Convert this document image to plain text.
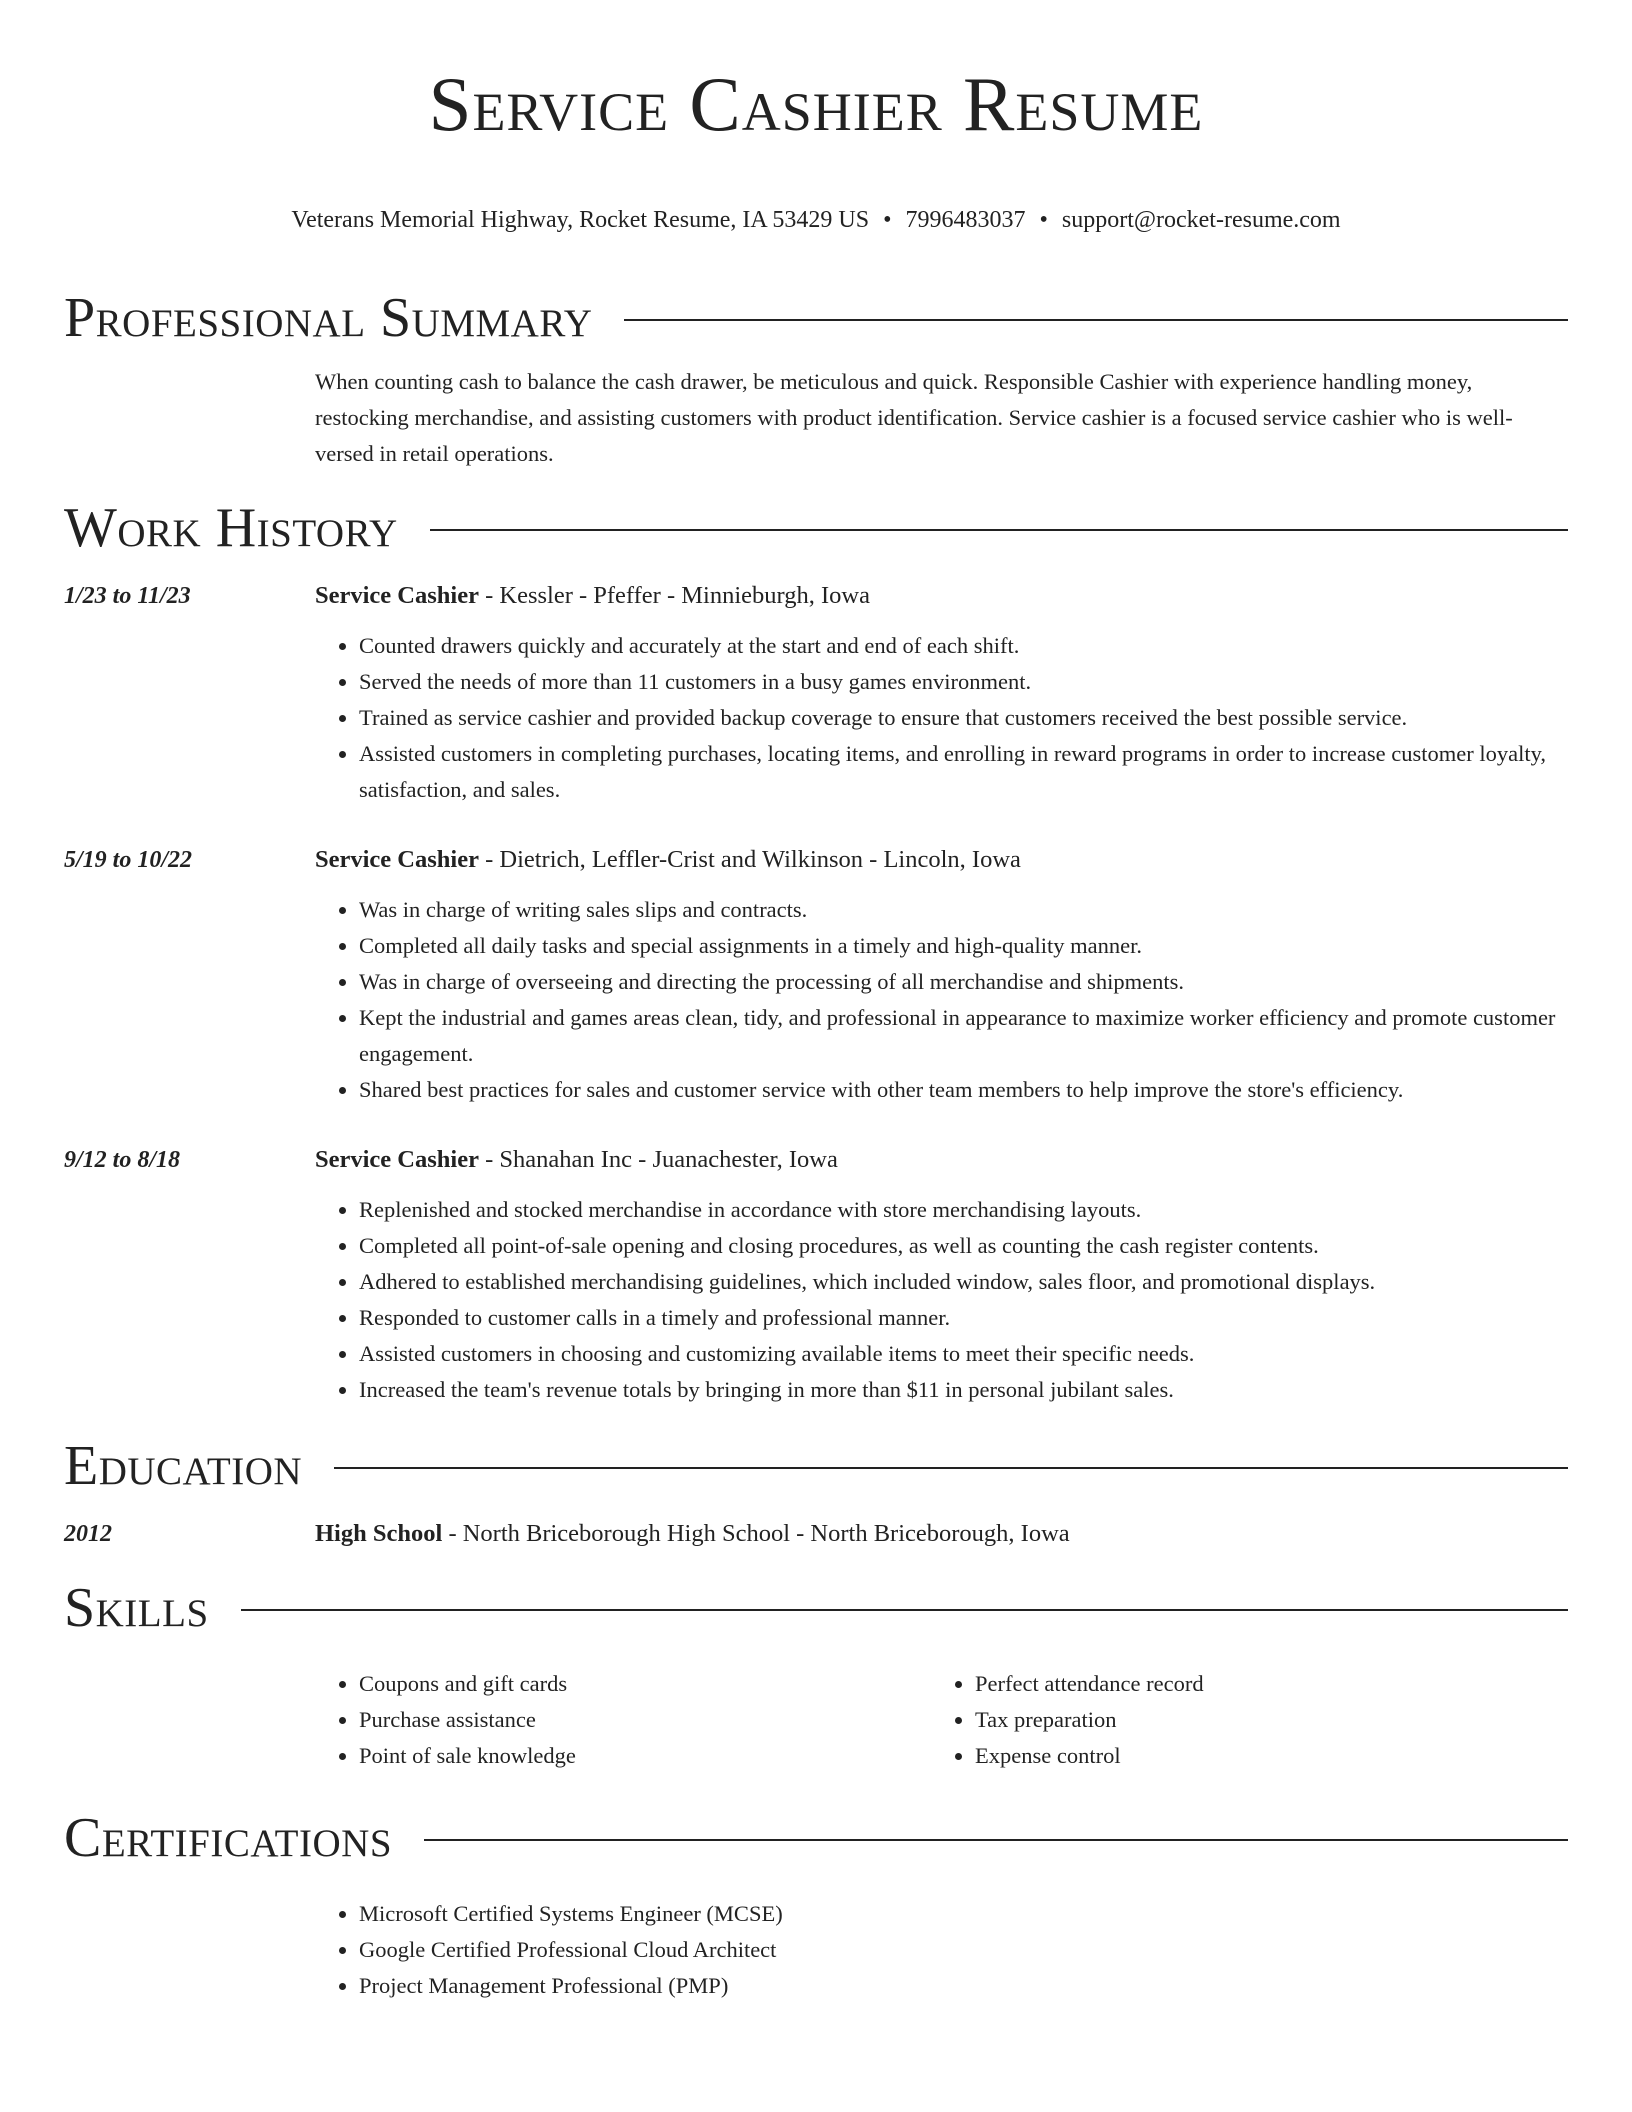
Service Cashier Resume
Veterans Memorial Highway, Rocket Resume, IA 53429 US • 7996483037 • support@rocket-resume.com
Professional Summary
When counting cash to balance the cash drawer, be meticulous and quick. Responsible Cashier with experience handling money, restocking merchandise, and assisting customers with product identification. Service cashier is a focused service cashier who is well-versed in retail operations.
Work History
1/23 to 11/23	Service Cashier - Kessler - Pfeffer - Minnieburgh, Iowa
• Counted drawers quickly and accurately at the start and end of each shift.
• Served the needs of more than 11 customers in a busy games environment.
• Trained as service cashier and provided backup coverage to ensure that customers received the best possible service.
• Assisted customers in completing purchases, locating items, and enrolling in reward programs in order to increase customer loyalty, satisfaction, and sales.
5/19 to 10/22	Service Cashier - Dietrich, Leffler-Crist and Wilkinson - Lincoln, Iowa
• Was in charge of writing sales slips and contracts.
• Completed all daily tasks and special assignments in a timely and high-quality manner.
• Was in charge of overseeing and directing the processing of all merchandise and shipments.
• Kept the industrial and games areas clean, tidy, and professional in appearance to maximize worker efficiency and promote customer engagement.
• Shared best practices for sales and customer service with other team members to help improve the store's efficiency.
9/12 to 8/18	Service Cashier - Shanahan Inc - Juanachester, Iowa
• Replenished and stocked merchandise in accordance with store merchandising layouts.
• Completed all point-of-sale opening and closing procedures, as well as counting the cash register contents.
• Adhered to established merchandising guidelines, which included window, sales floor, and promotional displays.
• Responded to customer calls in a timely and professional manner.
• Assisted customers in choosing and customizing available items to meet their specific needs.
• Increased the team's revenue totals by bringing in more than $11 in personal jubilant sales.
Education
2012	High School - North Briceborough High School - North Briceborough, Iowa
Skills
• Coupons and gift cards
• Purchase assistance
• Point of sale knowledge
• Perfect attendance record
• Tax preparation
• Expense control
Certifications
• Microsoft Certified Systems Engineer (MCSE)
• Google Certified Professional Cloud Architect
• Project Management Professional (PMP)
